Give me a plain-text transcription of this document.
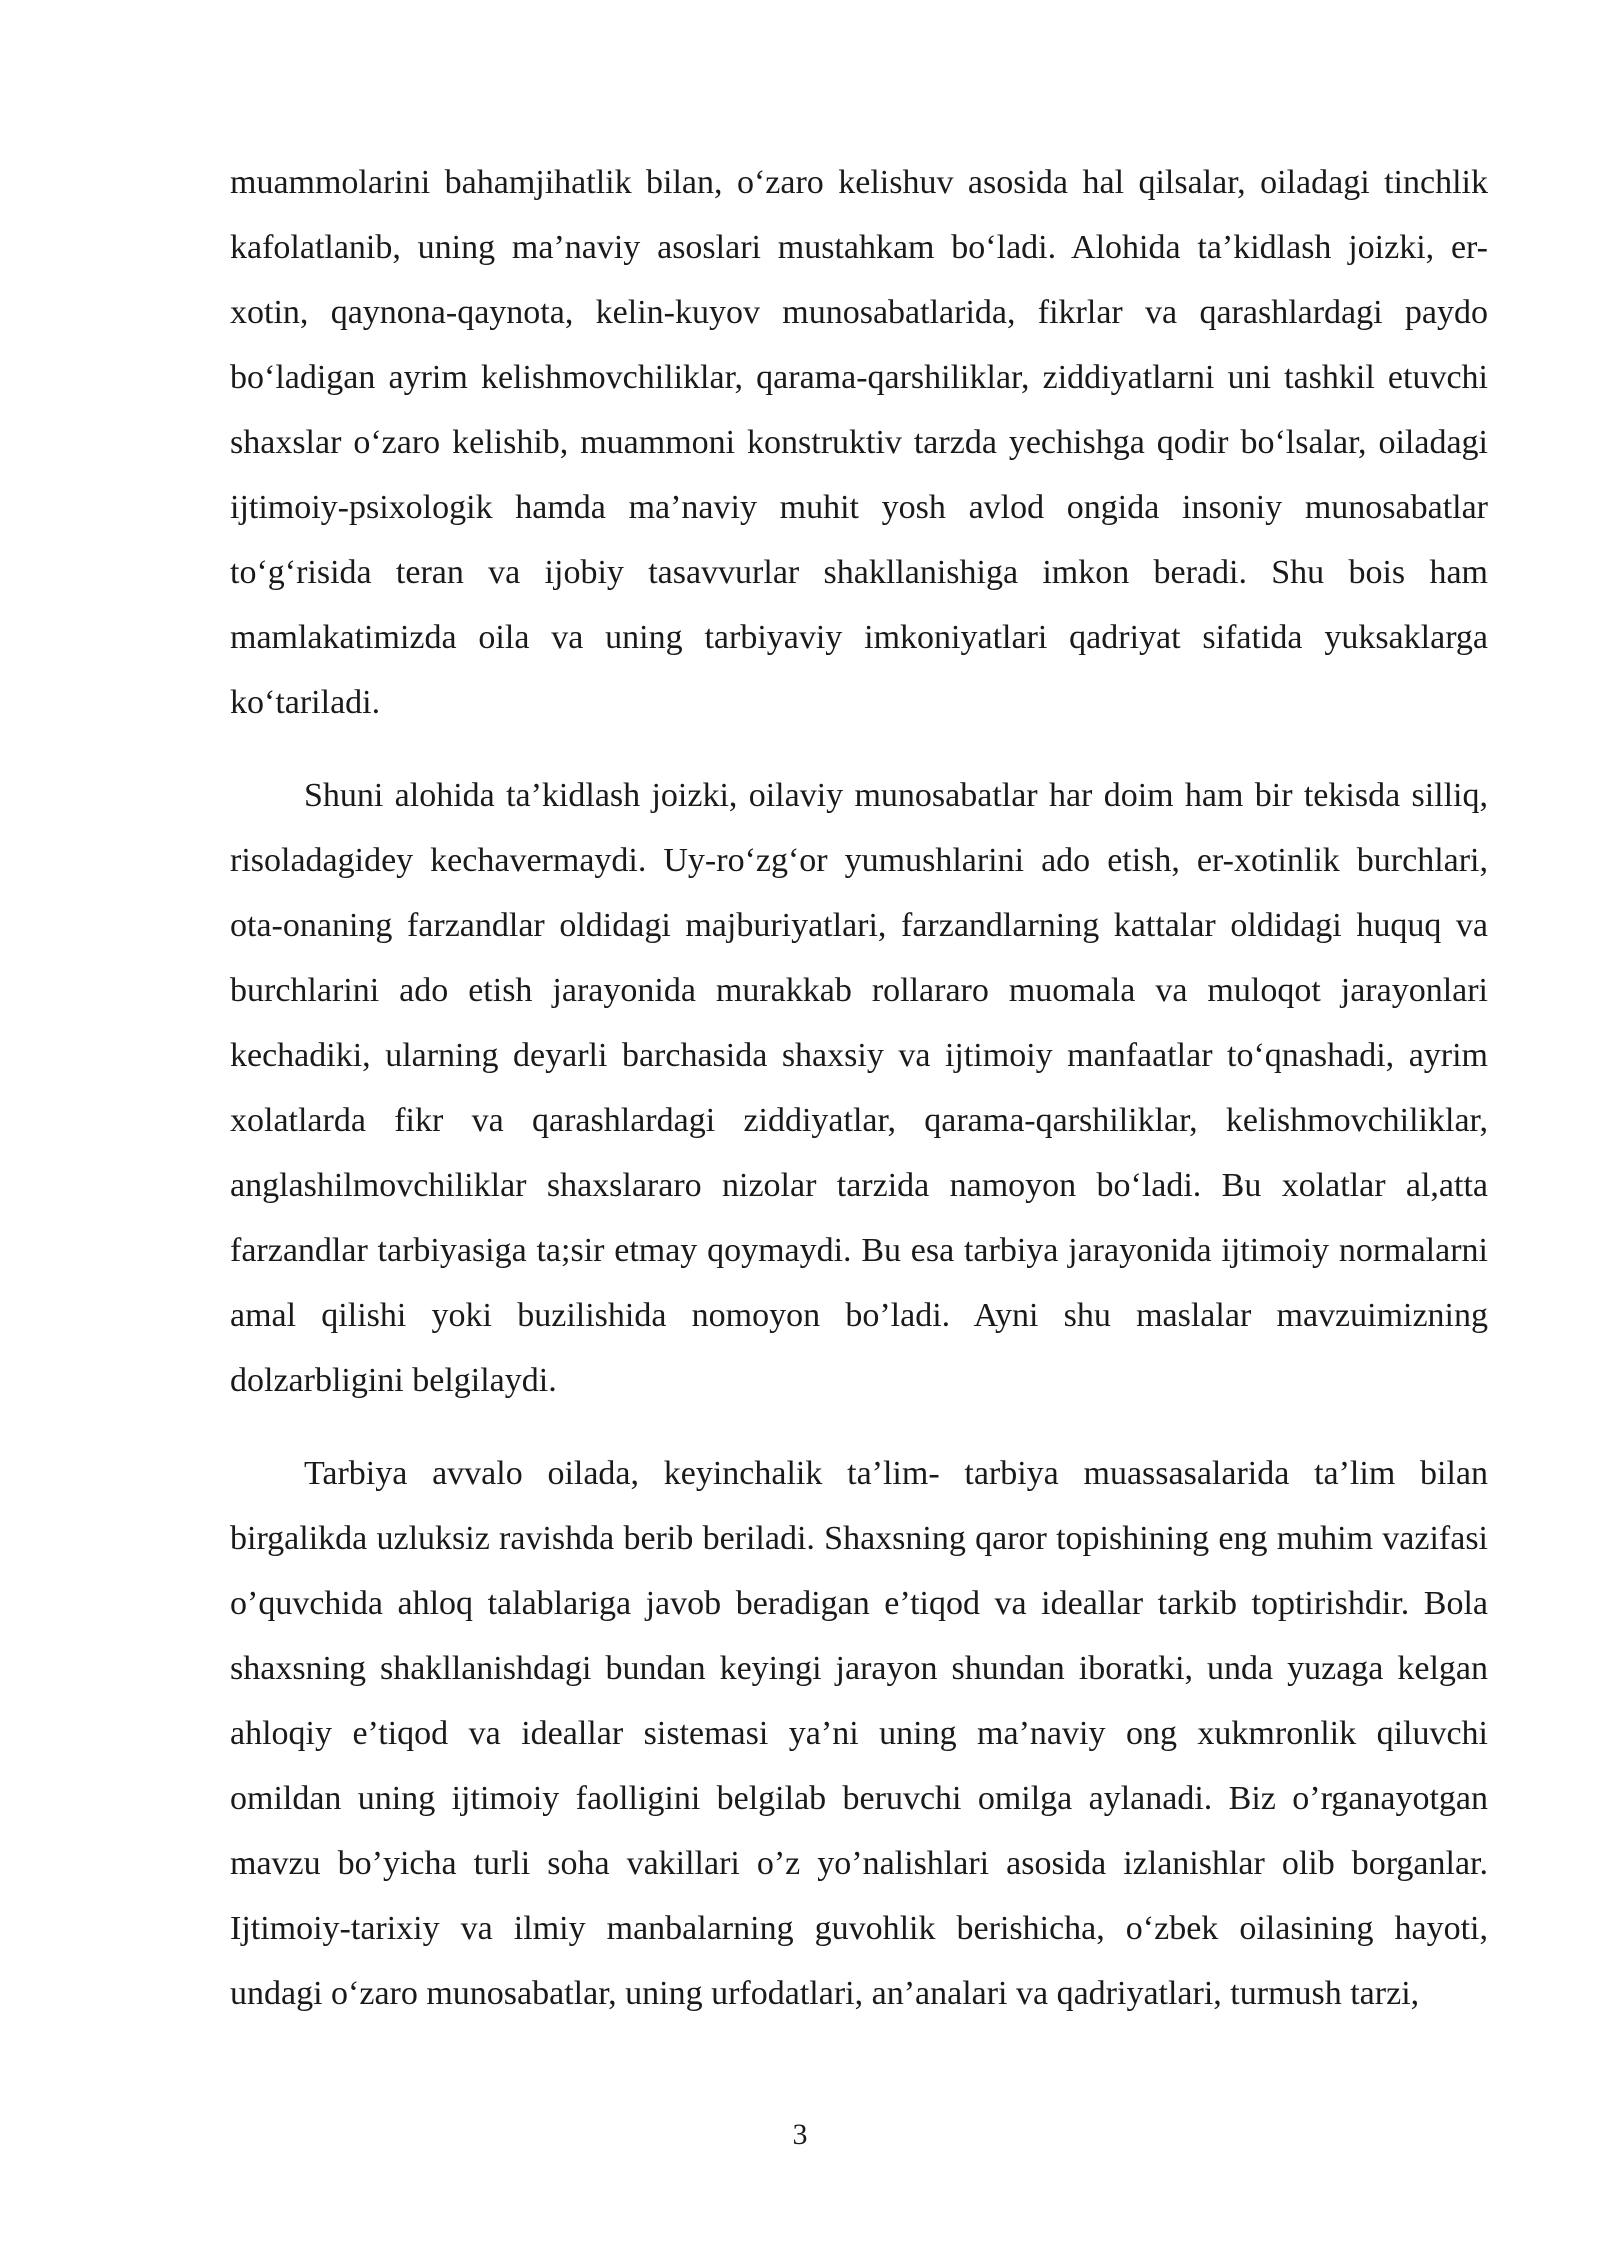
muammolarini bahamjihatlik bilan, o‘zaro kelishuv asosida hal qilsalar, oiladagi tinchlik kafolatlanib, uning ma’naviy asoslari mustahkam bo‘ladi. Alohida ta’kidlash joizki, er-xotin, qaynona-qaynota, kelin-kuyov munosabatlarida, fikrlar va qarashlardagi paydo bo‘ladigan ayrim kelishmovchiliklar, qarama-qarshiliklar, ziddiyatlarni uni tashkil etuvchi shaxslar o‘zaro kelishib, muammoni konstruktiv tarzda yechishga qodir bo‘lsalar, oiladagi ijtimoiy-psixologik hamda ma’naviy muhit yosh avlod ongida insoniy munosabatlar to‘g‘risida teran va ijobiy tasavvurlar shakllanishiga imkon beradi. Shu bois ham mamlakatimizda oila va uning tarbiyaviy imkoniyatlari qadriyat sifatida yuksaklarga ko‘tariladi.

Shuni alohida ta’kidlash joizki, oilaviy munosabatlar har doim ham bir tekisda silliq, risoladagidey kechavermaydi. Uy-ro‘zg‘or yumushlarini ado etish, er-xotinlik burchlari, ota-onaning farzandlar oldidagi majburiyatlari, farzandlarning kattalar oldidagi huquq va burchlarini ado etish jarayonida murakkab rollararo muomala va muloqot jarayonlari kechadiki, ularning deyarli barchasida shaxsiy va ijtimoiy manfaatlar to‘qnashadi, ayrim xolatlarda fikr va qarashlardagi ziddiyatlar, qarama-qarshiliklar, kelishmovchiliklar, anglashilmovchiliklar shaxslararo nizolar tarzida namoyon bo‘ladi. Bu xolatlar al,atta farzandlar tarbiyasiga ta;sir etmay qoymaydi. Bu esa tarbiya jarayonida ijtimoiy normalarni amal qilishi yoki buzilishida nomoyon bo’ladi. Ayni shu maslalar mavzuimizning dolzarbligini belgilaydi.

Tarbiya avvalo oilada, keyinchalik ta’lim- tarbiya muassasalarida ta’lim bilan birgalikda uzluksiz ravishda berib beriladi. Shaxsning qaror topishining eng muhim vazifasi o’quvchida ahloq talablariga javob beradigan e’tiqod va ideallar tarkib toptirishdir. Bola shaxsning shakllanishdagi bundan keyingi jarayon shundan iboratki, unda yuzaga kelgan ahloqiy e’tiqod va ideallar sistemasi ya’ni uning ma’naviy ong xukmronlik qiluvchi omildan uning ijtimoiy faolligini belgilab beruvchi omilga aylanadi. Biz o’rganayotgan mavzu bo’yicha turli soha vakillari o’z yo’nalishlari asosida izlanishlar olib borganlar. Ijtimoiy-tarixiy va ilmiy manbalarning guvohlik berishicha, o‘zbek oilasining hayoti, undagi o‘zaro munosabatlar, uning urfodatlari, an’analari va qadriyatlari, turmush tarzi,

3
